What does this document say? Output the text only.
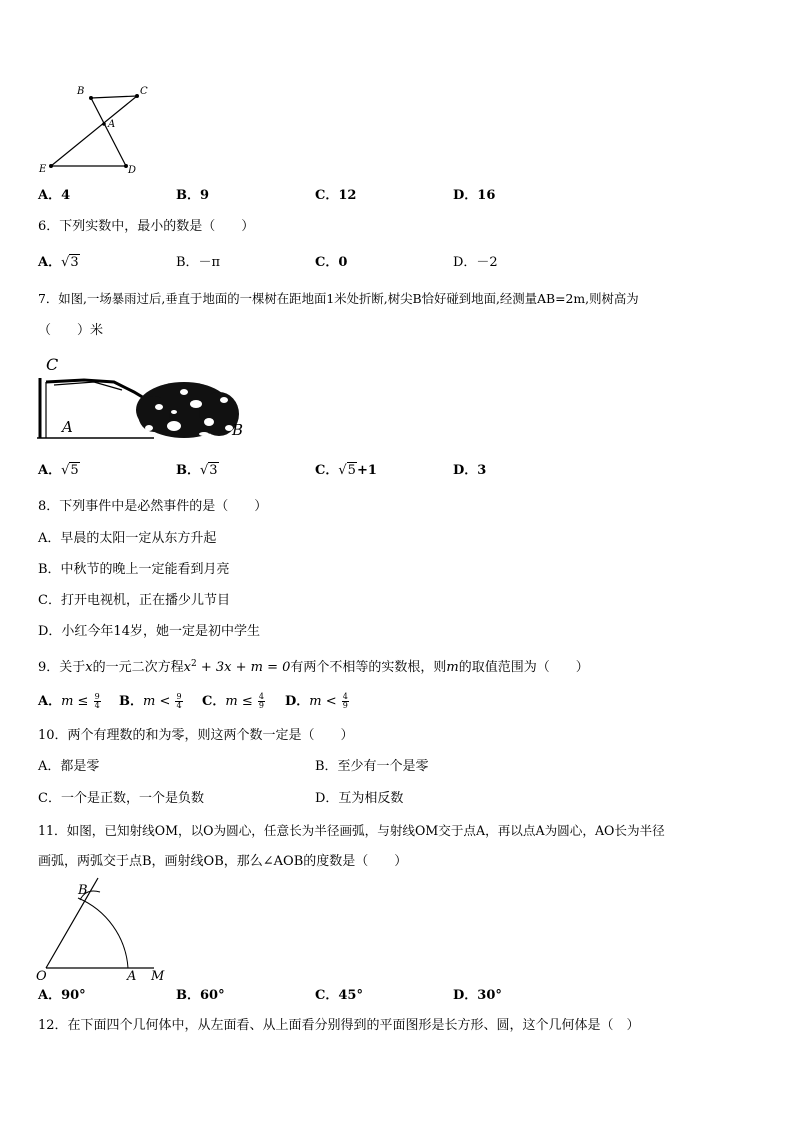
B	C
A
E	D
A．4	B．9	C．12	D．16
6．下列实数中，最小的数是（　　）
A．√3	B．－π	C．0	D．－2
7．如图,一场暴雨过后,垂直于地面的一棵树在距地面1米处折断,树尖B恰好碰到地面,经测量AB=2m,则树高为
（　　）米
C
A	B
A．√5	B．√3	C．√5+1	D．3
8．下列事件中是必然事件的是（　　）
A．早晨的太阳一定从东方升起
B．中秋节的晚上一定能看到月亮
C．打开电视机，正在播少儿节目
D．小红今年14岁，她一定是初中学生
9．关于x的一元二次方程$x^2 + 3x + m = 0$有两个不相等的实数根，则m的取值范围为（　　）
A．$m \le \frac{9}{4}$ B．$m < \frac{9}{4}$ C．$m \le \frac{4}{9}$ D．$m < \frac{4}{9}$
10．两个有理数的和为零，则这两个数一定是（　　）
A．都是零	B．至少有一个是零
C．一个是正数，一个是负数	D．互为相反数
11．如图，已知射线OM，以O为圆心，任意长为半径画弧，与射线OM交于点A，再以点A为圆心，AO长为半径
画弧，两弧交于点B，画射线OB，那么∠AOB的度数是（　　）
B
O	A M
A．90°	B．60°	C．45°	D．30°
12．在下面四个几何体中，从左面看、从上面看分别得到的平面图形是长方形、圆，这个几何体是（　）
